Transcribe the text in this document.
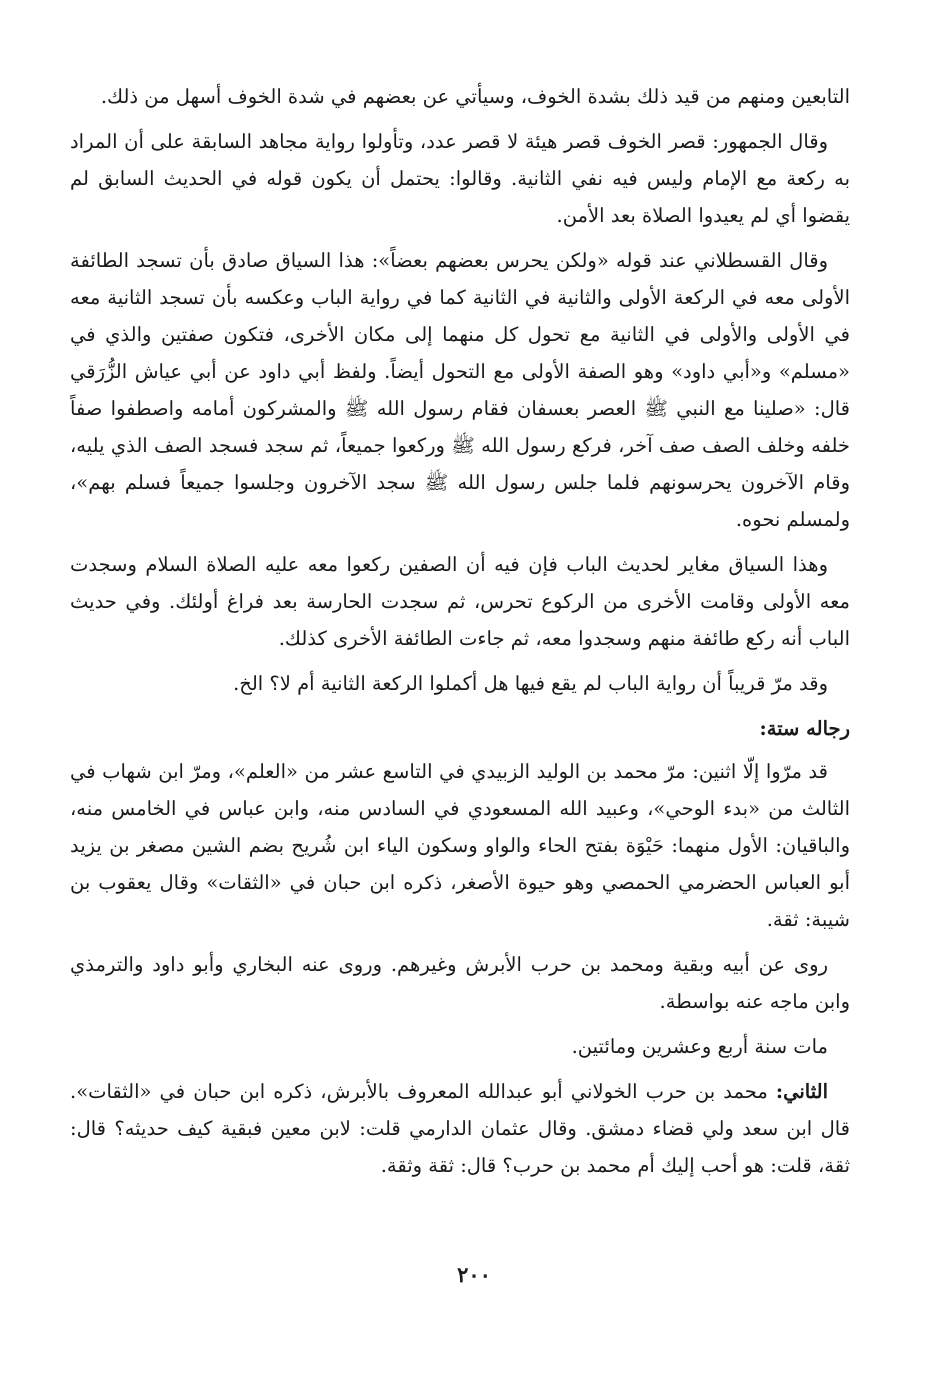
التابعين ومنهم من قيد ذلك بشدة الخوف، وسيأتي عن بعضهم في شدة الخوف أسهل من ذلك.

وقال الجمهور: قصر الخوف قصر هيئة لا قصر عدد، وتأولوا رواية مجاهد السابقة على أن المراد به ركعة مع الإمام وليس فيه نفي الثانية. وقالوا: يحتمل أن يكون قوله في الحديث السابق لم يقضوا أي لم يعيدوا الصلاة بعد الأمن.

وقال القسطلاني عند قوله «ولكن يحرس بعضهم بعضاً»: هذا السياق صادق بأن تسجد الطائفة الأولى معه في الركعة الأولى والثانية في الثانية كما في رواية الباب وعكسه بأن تسجد الثانية معه في الأولى والأولى في الثانية مع تحول كل منهما إلى مكان الأخرى، فتكون صفتين والذي في «مسلم» و«أبي داود» وهو الصفة الأولى مع التحول أيضاً. ولفظ أبي داود عن أبي عياش الزُّرَقي قال: «صلينا مع النبي ﷺ العصر بعسفان فقام رسول الله ﷺ والمشركون أمامه واصطفوا صفاً خلفه وخلف الصف صف آخر، فركع رسول الله ﷺ وركعوا جميعاً، ثم سجد فسجد الصف الذي يليه، وقام الآخرون يحرسونهم فلما جلس رسول الله ﷺ سجد الآخرون وجلسوا جميعاً فسلم بهم»، ولمسلم نحوه.

وهذا السياق مغاير لحديث الباب فإن فيه أن الصفين ركعوا معه عليه الصلاة السلام وسجدت معه الأولى وقامت الأخرى من الركوع تحرس، ثم سجدت الحارسة بعد فراغ أولئك. وفي حديث الباب أنه ركع طائفة منهم وسجدوا معه، ثم جاءت الطائفة الأخرى كذلك.

وقد مرّ قريباً أن رواية الباب لم يقع فيها هل أكملوا الركعة الثانية أم لا؟ الخ.

رجاله ستة:

قد مرّوا إلّا اثنين: مرّ محمد بن الوليد الزبيدي في التاسع عشر من «العلم»، ومرّ ابن شهاب في الثالث من «بدء الوحي»، وعبيد الله المسعودي في السادس منه، وابن عباس في الخامس منه، والباقيان: الأول منهما: حَيْوَة بفتح الحاء والواو وسكون الياء ابن شُريح بضم الشين مصغر بن يزيد أبو العباس الحضرمي الحمصي وهو حيوة الأصغر، ذكره ابن حبان في «الثقات» وقال يعقوب بن شيبة: ثقة.

روى عن أبيه وبقية ومحمد بن حرب الأبرش وغيرهم. وروى عنه البخاري وأبو داود والترمذي وابن ماجه عنه بواسطة.

مات سنة أربع وعشرين ومائتين.

الثاني: محمد بن حرب الخولاني أبو عبدالله المعروف بالأبرش، ذكره ابن حبان في «الثقات». قال ابن سعد ولي قضاء دمشق. وقال عثمان الدارمي قلت: لابن معين فبقية كيف حديثه؟ قال: ثقة، قلت: هو أحب إليك أم محمد بن حرب؟ قال: ثقة وثقة.

٢٠٠
